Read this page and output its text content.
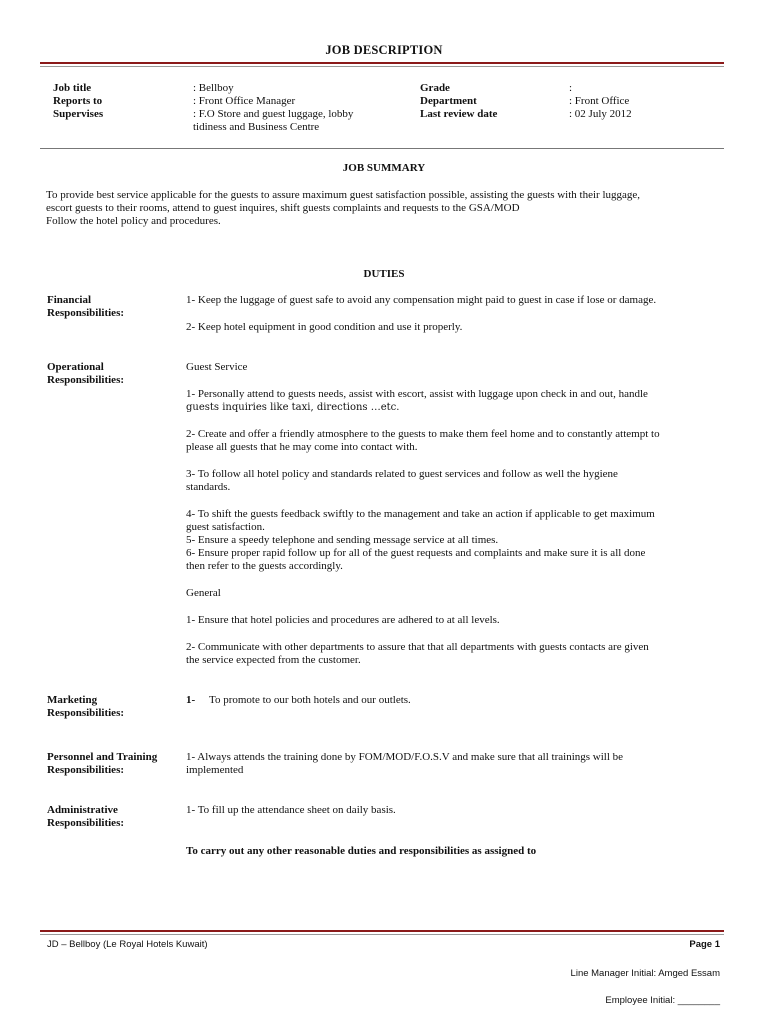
JOB DESCRIPTION
Job title	: Bellboy
Reports to	: Front Office Manager
Supervises	: F.O Store and guest luggage, lobby
tidiness and Business Centre
Grade	:
Department	: Front Office
Last review date	: 02 July 2012
JOB SUMMARY
To provide best service applicable for the guests to assure maximum guest satisfaction possible, assisting the guests with their luggage,
escort guests to their rooms, attend to guest inquires, shift guests complaints and requests to the GSA/MOD
Follow the hotel policy and procedures.
DUTIES
Financial
Responsibilities:
1- Keep the luggage of guest safe to avoid any compensation might paid to guest in case if lose or damage.
2- Keep hotel equipment in good condition and use it properly.
Operational
Responsibilities:
Guest Service
1- Personally attend to guests needs, assist with escort, assist with luggage upon check in and out, handle
guests inquiries like taxi, directions …etc.
2- Create and offer a friendly atmosphere to the guests to make them feel home and to constantly attempt to
please all guests that he may come into contact with.
3- To follow all hotel policy and standards related to guest services and follow as well the hygiene
standards.
4- To shift the guests feedback swiftly to the management and take an action if applicable to get maximum
guest satisfaction.
5- Ensure a speedy telephone and sending message service at all times.
6- Ensure proper rapid follow up for all of the guest requests and complaints and make sure it is all done
then refer to the guests accordingly.
General
1- Ensure that hotel policies and procedures are adhered to at all levels.
2- Communicate with other departments to assure that that all departments with guests contacts are given
the service expected from the customer.
Marketing
Responsibilities:
1- To promote to our both hotels and our outlets.
Personnel and Training
Responsibilities:
1- Always attends the training done by FOM/MOD/F.O.S.V and make sure that all trainings will be
implemented
Administrative
Responsibilities:
1- To fill up the attendance sheet on daily basis.
To carry out any other reasonable duties and responsibilities as assigned to
JD – Bellboy (Le Royal Hotels Kuwait)	Page 1
Line Manager Initial: Amged Essam
Employee Initial: ________
